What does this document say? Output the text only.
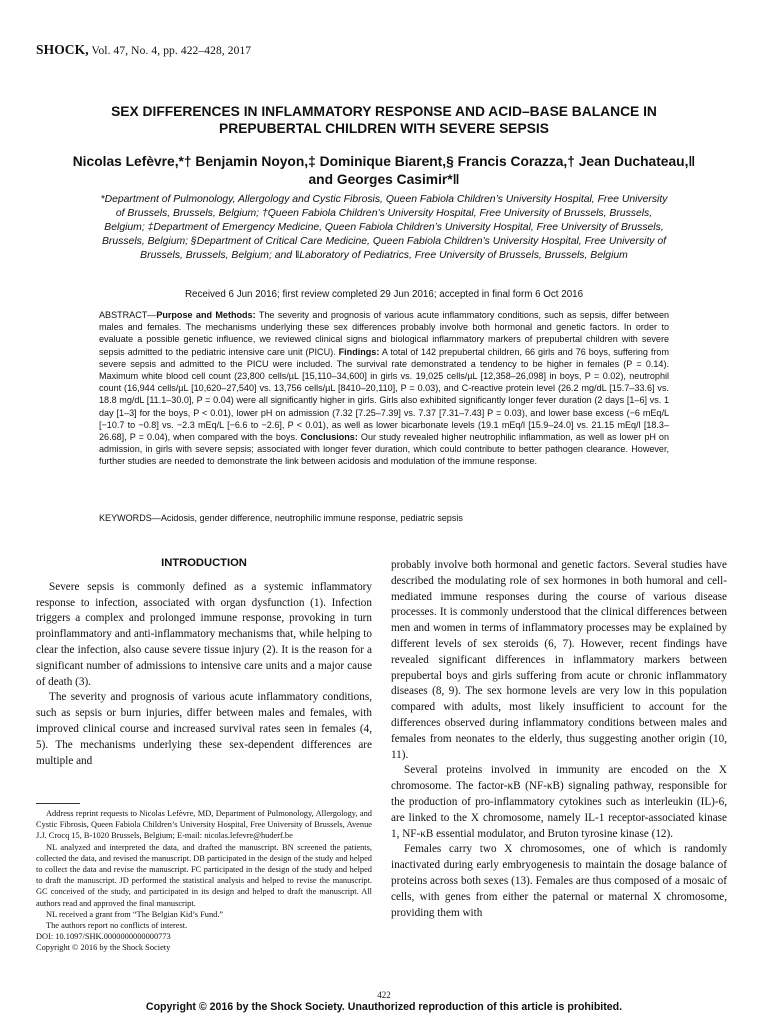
SHOCK, Vol. 47, No. 4, pp. 422–428, 2017
SEX DIFFERENCES IN INFLAMMATORY RESPONSE AND ACID–BASE BALANCE IN PREPUBERTAL CHILDREN WITH SEVERE SEPSIS
Nicolas Lefèvre,*† Benjamin Noyon,‡ Dominique Biarent,§ Francis Corazza,† Jean Duchateau,‖ and Georges Casimir*‖
*Department of Pulmonology, Allergology and Cystic Fibrosis, Queen Fabiola Children’s University Hospital, Free University of Brussels, Brussels, Belgium; †Queen Fabiola Children’s University Hospital, Free University of Brussels, Brussels, Belgium; ‡Department of Emergency Medicine, Queen Fabiola Children’s University Hospital, Free University of Brussels, Brussels, Belgium; §Department of Critical Care Medicine, Queen Fabiola Children’s University Hospital, Free University of Brussels, Brussels, Belgium; and ‖Laboratory of Pediatrics, Free University of Brussels, Brussels, Belgium
Received 6 Jun 2016; first review completed 29 Jun 2016; accepted in final form 6 Oct 2016

ABSTRACT—Purpose and Methods: The severity and prognosis of various acute inflammatory conditions, such as sepsis, differ between males and females. The mechanisms underlying these sex differences probably involve both hormonal and genetic factors. In order to evaluate a possible genetic influence, we reviewed clinical signs and biological inflammatory markers of prepubertal children with severe sepsis admitted to the pediatric intensive care unit (PICU). Findings: A total of 142 prepubertal children, 66 girls and 76 boys, suffering from severe sepsis and admitted to the PICU were included. The survival rate demonstrated a tendency to be higher in females (P = 0.14). Maximum white blood cell count (23,800 cells/µL [15,110–34,600] in girls vs. 19,025 cells/µL [12,358–26,098] in boys, P = 0.02), neutrophil count (16,944 cells/µL [10,620–27,540] vs. 13,756 cells/µL [8410–20,110], P = 0.03), and C-reactive protein level (26.2 mg/dL [15.7–33.6] vs. 18.8 mg/dL [11.1–30.0], P = 0.04) were all significantly higher in girls. Girls also exhibited significantly longer fever duration (2 days [1–6] vs. 1 day [1–3] for the boys, P < 0.01), lower pH on admission (7.32 [7.25–7.39] vs. 7.37 [7.31–7.43] P = 0.03), and lower base excess (−6 mEq/L [−10.7 to −0.8] vs. −2.3 mEq/L [−6.6 to −2.6], P < 0.01), as well as lower bicarbonate levels (19.1 mEq/l [15.9–24.0] vs. 21.15 mEq/l [18.3–26.68], P = 0.04), when compared with the boys. Conclusions: Our study revealed higher neutrophilic inflammation, as well as lower pH on admission, in girls with severe sepsis; associated with longer fever duration, which could contribute to better pathogen clearance. However, further studies are needed to demonstrate the link between acidosis and modulation of the immune response.

KEYWORDS—Acidosis, gender difference, neutrophilic immune response, pediatric sepsis

INTRODUCTION

Severe sepsis is commonly defined as a systemic inflammatory response to infection, associated with organ dysfunction (1). Infection triggers a complex and prolonged immune response, provoking in turn proinflammatory and anti-inflammatory mechanisms that, while helping to clear the infection, also cause severe tissue injury (2). It is the reason for a significant number of admissions to intensive care units and a major cause of death (3).

The severity and prognosis of various acute inflammatory conditions, such as sepsis or burn injuries, differ between males and females, with improved clinical course and increased survival rates seen in females (4, 5). The mechanisms underlying these sex-dependent differences are multiple and

probably involve both hormonal and genetic factors. Several studies have described the modulating role of sex hormones in both humoral and cell-mediated immune responses during the course of various disease processes. It is commonly understood that the clinical differences between men and women in terms of inflammatory processes may be explained by different levels of sex steroids (6, 7). However, recent findings have revealed significant differences in inflammatory markers between prepubertal boys and girls suffering from acute or chronic inflammatory diseases (8, 9). The sex hormone levels are very low in this population compared with adults, most likely insufficient to account for the differences observed during inflammatory conditions between males and females from neonates to the elderly, thus suggesting another origin (10, 11).

Several proteins involved in immunity are encoded on the X chromosome. The factor-κB (NF-κB) signaling pathway, responsible for the production of pro-inflammatory cytokines such as interleukin (IL)-6, are linked to the X chromosome, namely IL-1 receptor-associated kinase 1, NF-κB essential modulator, and Bruton tyrosine kinase (12).

Females carry two X chromosomes, one of which is randomly inactivated during early embryogenesis to maintain the dosage balance of proteins across both sexes (13). Females are thus composed of a mosaic of cells, with genes from either the paternal or maternal X chromosome, providing them with

Address reprint requests to Nicolas Lefèvre, MD, Department of Pulmonology, Allergology, and Cystic Fibrosis, Queen Fabiola Children’s University Hospital, Free University of Brussels, Avenue J.J. Crocq 15, B-1020 Brussels, Belgium; E-mail: nicolas.lefevre@huderf.be

NL analyzed and interpreted the data, and drafted the manuscript. BN screened the patients, collected the data, and revised the manuscript. DB participated in the design of the study and helped to collect the data and revise the manuscript. FC participated in the design of the study and helped to draft the manuscript. JD performed the statistical analysis and helped to revise the manuscript. GC conceived of the study, and participated in its design and helped to draft the manuscript. All authors read and approved the final manuscript.

NL received a grant from “The Belgian Kid’s Fund.”

The authors report no conflicts of interest.

DOI: 10.1097/SHK.0000000000000773

Copyright © 2016 by the Shock Society

422
Copyright © 2016 by the Shock Society. Unauthorized reproduction of this article is prohibited.
